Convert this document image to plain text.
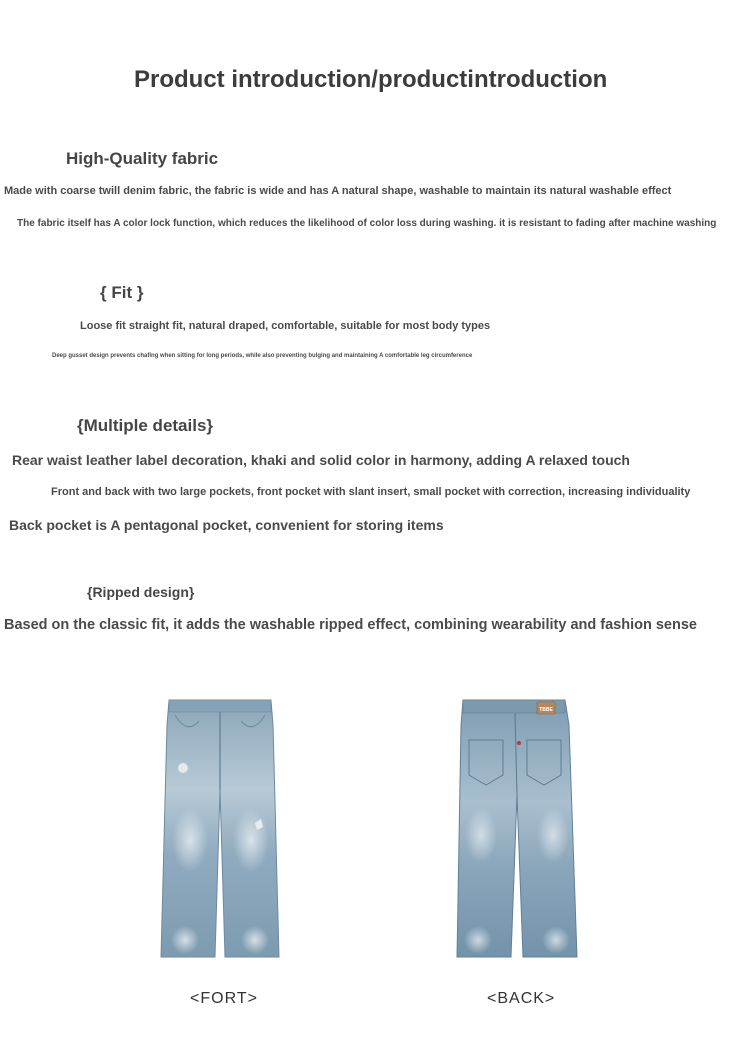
Product introduction/productintroduction
High-Quality fabric
Made with coarse twill denim fabric, the fabric is wide and has A natural shape, washable to maintain its natural washable effect
The fabric itself has A color lock function, which reduces the likelihood of color loss during washing. it is resistant to fading after machine washing
{ Fit }
Loose fit straight fit, natural draped, comfortable, suitable for most body types
Deep gusset design prevents chafing when sitting for long periods, while also preventing bulging and maintaining A comfortable leg circumference
{Multiple details}
Rear waist leather label decoration, khaki and solid color in harmony, adding A relaxed touch
Front and back with two large pockets, front pocket with slant insert, small pocket with correction, increasing individuality
Back pocket is A pentagonal pocket, convenient for storing items
{Ripped design}
Based on the classic fit, it adds the washable ripped effect, combining wearability and fashion sense
<FORT>
TBBE
<BACK>
